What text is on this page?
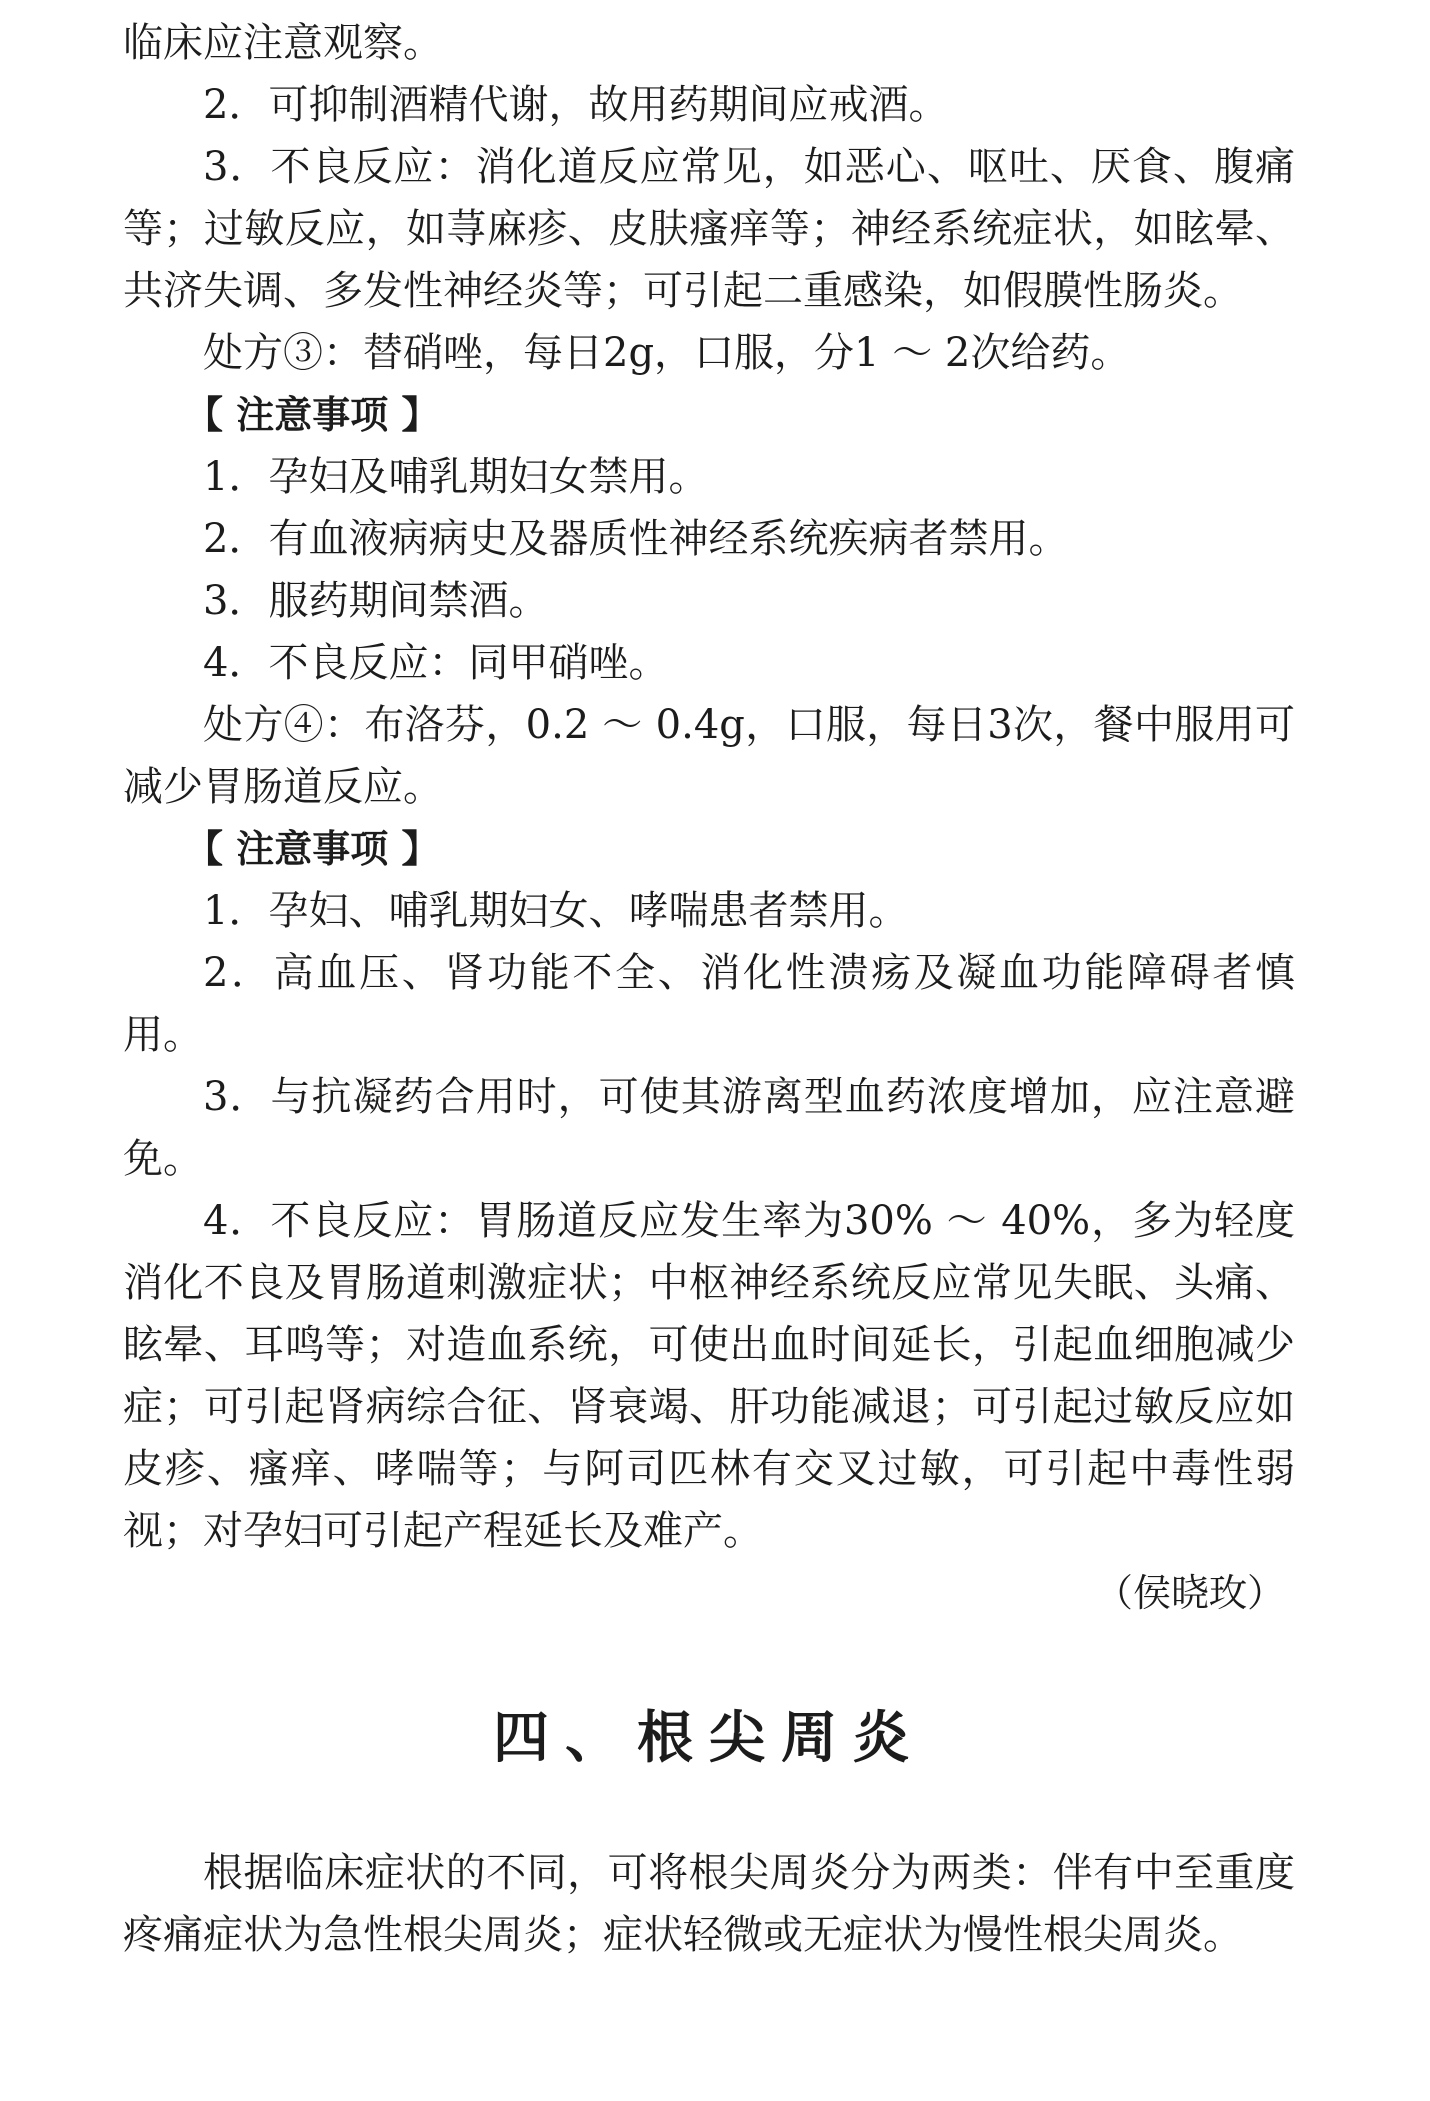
临床应注意观察。

2．可抑制酒精代谢，故用药期间应戒酒。

3．不良反应：消化道反应常见，如恶心、呕吐、厌食、腹痛等；过敏反应，如荨麻疹、皮肤瘙痒等；神经系统症状，如眩晕、共济失调、多发性神经炎等；可引起二重感染，如假膜性肠炎。

处方③：替硝唑，每日2g，口服，分1 ～ 2次给药。

【 注意事项 】

1．孕妇及哺乳期妇女禁用。

2．有血液病病史及器质性神经系统疾病者禁用。

3．服药期间禁酒。

4．不良反应：同甲硝唑。

处方④：布洛芬，0.2 ～ 0.4g，口服，每日3次，餐中服用可减少胃肠道反应。

【 注意事项 】

1．孕妇、哺乳期妇女、哮喘患者禁用。

2．高血压、肾功能不全、消化性溃疡及凝血功能障碍者慎用。

3．与抗凝药合用时，可使其游离型血药浓度增加，应注意避免。

4．不良反应：胃肠道反应发生率为30% ～ 40%，多为轻度消化不良及胃肠道刺激症状；中枢神经系统反应常见失眠、头痛、眩晕、耳鸣等；对造血系统，可使出血时间延长，引起血细胞减少症；可引起肾病综合征、肾衰竭、肝功能减退；可引起过敏反应如皮疹、瘙痒、哮喘等；与阿司匹林有交叉过敏，可引起中毒性弱视；对孕妇可引起产程延长及难产。

（侯晓玫）

四、根尖周炎

根据临床症状的不同，可将根尖周炎分为两类：伴有中至重度疼痛症状为急性根尖周炎；症状轻微或无症状为慢性根尖周炎。
